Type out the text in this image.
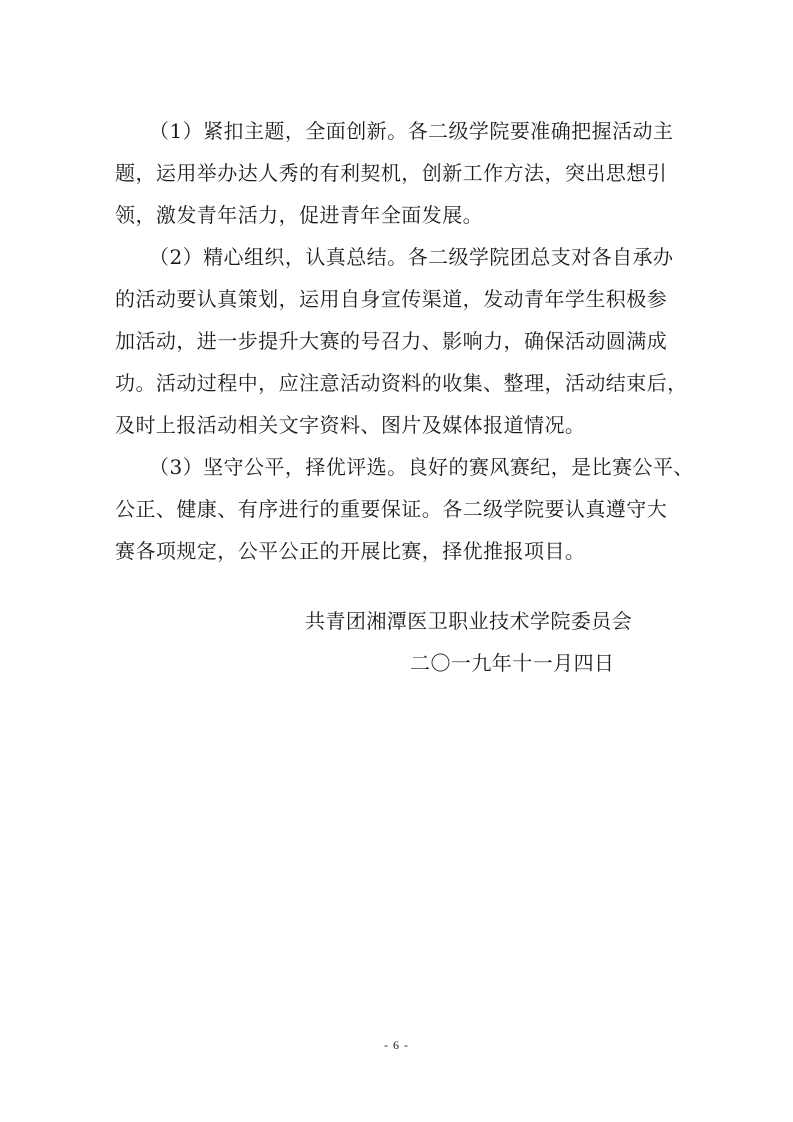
（1）紧扣主题，全面创新。各二级学院要准确把握活动主
题，运用举办达人秀的有利契机，创新工作方法，突出思想引
领，激发青年活力，促进青年全面发展。
（2）精心组织，认真总结。各二级学院团总支对各自承办
的活动要认真策划，运用自身宣传渠道，发动青年学生积极参
加活动，进一步提升大赛的号召力、影响力，确保活动圆满成
功。活动过程中，应注意活动资料的收集、整理，活动结束后，
及时上报活动相关文字资料、图片及媒体报道情况。
（3）坚守公平，择优评选。良好的赛风赛纪，是比赛公平、
公正、健康、有序进行的重要保证。各二级学院要认真遵守大
赛各项规定，公平公正的开展比赛，择优推报项目。
共青团湘潭医卫职业技术学院委员会
二〇一九年十一月四日
- 6 -
